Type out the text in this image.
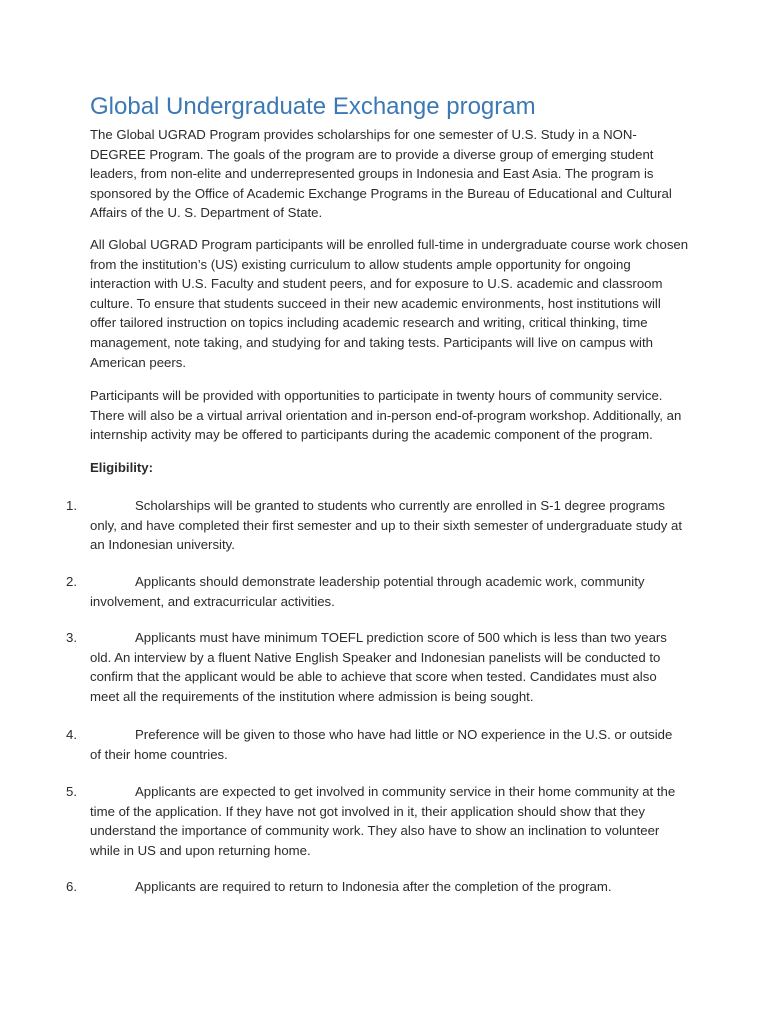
Global Undergraduate Exchange program

The Global UGRAD Program provides scholarships for one semester of U.S. Study in a NON-DEGREE Program. The goals of the program are to provide a diverse group of emerging student leaders, from non-elite and underrepresented groups in Indonesia and East Asia. The program is sponsored by the Office of Academic Exchange Programs in the Bureau of Educational and Cultural Affairs of the U. S. Department of State.

All Global UGRAD Program participants will be enrolled full-time in undergraduate course work chosen from the institution’s (US) existing curriculum to allow students ample opportunity for ongoing interaction with U.S. Faculty and student peers, and for exposure to U.S. academic and classroom culture. To ensure that students succeed in their new academic environments, host institutions will offer tailored instruction on topics including academic research and writing, critical thinking, time management, note taking, and studying for and taking tests. Participants will live on campus with American peers.

Participants will be provided with opportunities to participate in twenty hours of community service. There will also be a virtual arrival orientation and in-person end-of-program workshop. Additionally, an internship activity may be offered to participants during the academic component of the program.

Eligibility:

1.	Scholarships will be granted to students who currently are enrolled in S-1 degree programs only, and have completed their first semester and up to their sixth semester of undergraduate study at an Indonesian university.

2.	Applicants should demonstrate leadership potential through academic work, community involvement, and extracurricular activities.

3.	Applicants must have minimum TOEFL prediction score of 500 which is less than two years old. An interview by a fluent Native English Speaker and Indonesian panelists will be conducted to confirm that the applicant would be able to achieve that score when tested. Candidates must also meet all the requirements of the institution where admission is being sought.

4.	Preference will be given to those who have had little or NO experience in the U.S. or outside of their home countries.

5.	Applicants are expected to get involved in community service in their home community at the time of the application. If they have not got involved in it, their application should show that they understand the importance of community work. They also have to show an inclination to volunteer while in US and upon returning home.

6.	Applicants are required to return to Indonesia after the completion of the program.
